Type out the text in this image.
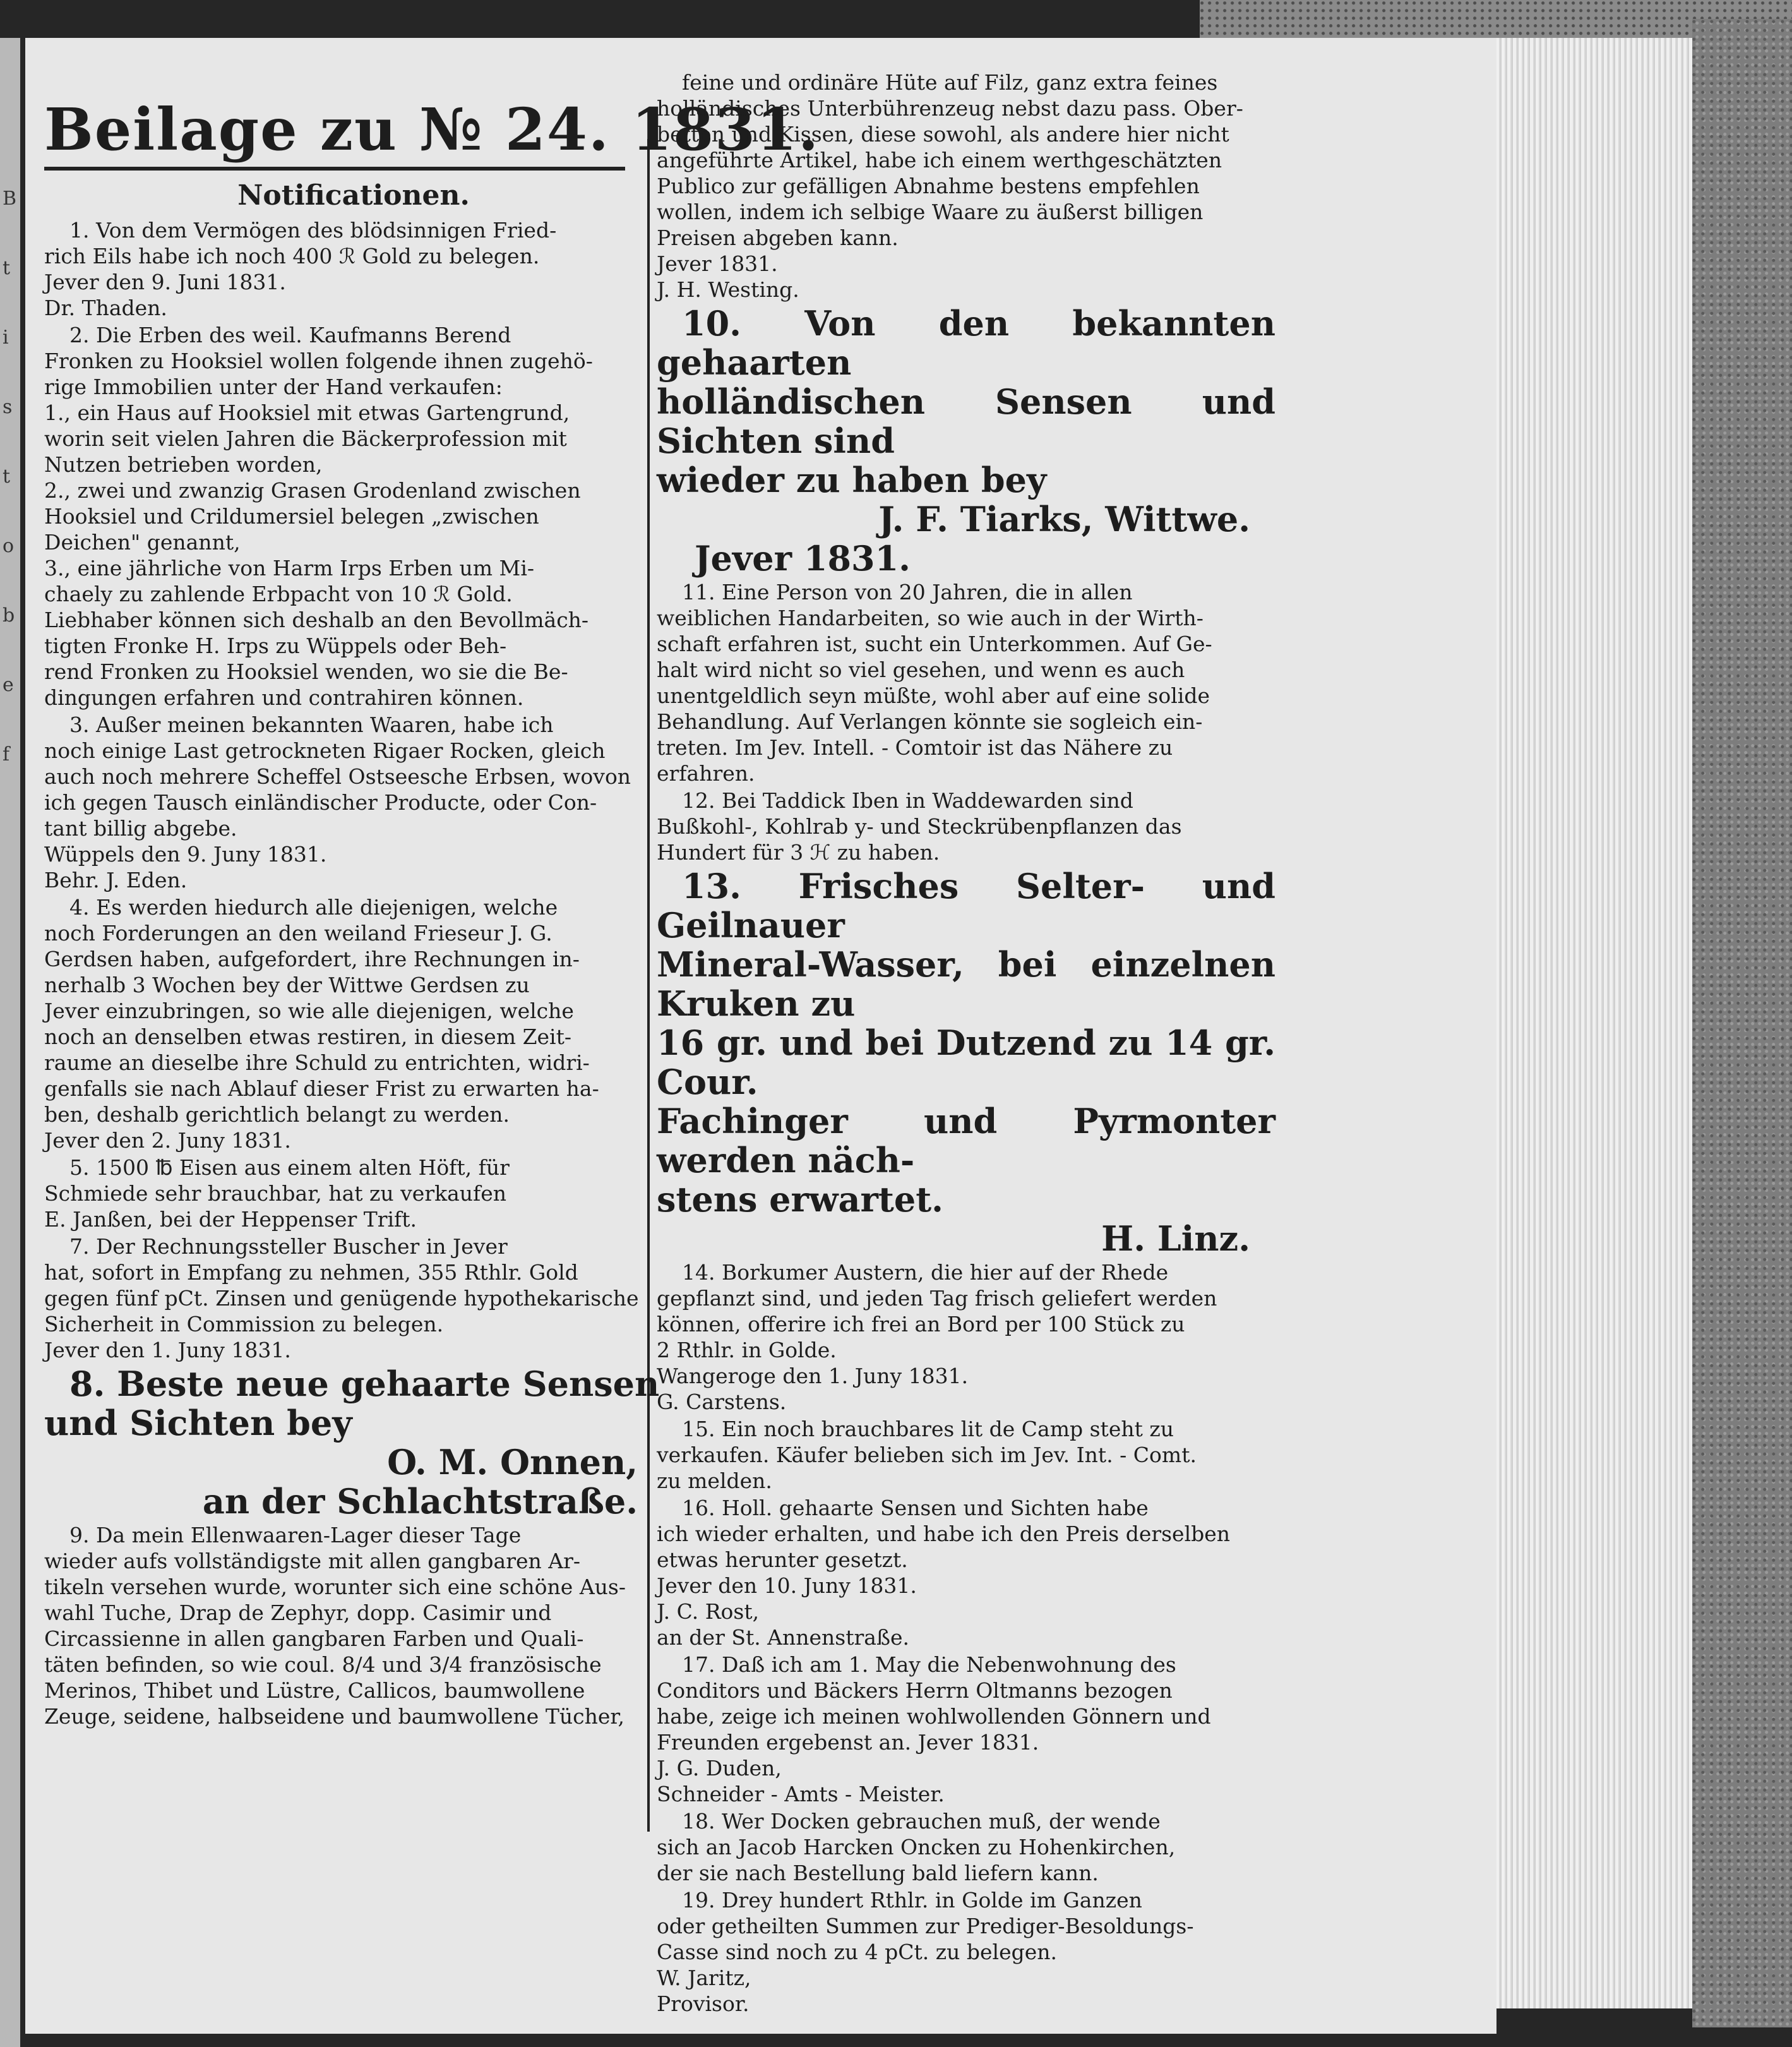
Bt is to b e f
Beilage zu № 24. 1831.
Notificationen.
1. Von dem Vermögen des blödsinnigen Fried-
rich Eils habe ich noch 400 ℛ Gold zu belegen.
Jever den 9. Juni 1831.
Dr. Thaden.
2. Die Erben des weil. Kaufmanns Berend
Fronken zu Hooksiel wollen folgende ihnen zugehö-
rige Immobilien unter der Hand verkaufen:
1., ein Haus auf Hooksiel mit etwas Gartengrund,
worin seit vielen Jahren die Bäckerprofession mit
Nutzen betrieben worden,
2., zwei und zwanzig Grasen Grodenland zwischen
Hooksiel und Crildumersiel belegen „zwischen
Deichen" genannt,
3., eine jährliche von Harm Irps Erben um Mi-
chaely zu zahlende Erbpacht von 10 ℛ Gold.
Liebhaber können sich deshalb an den Bevollmäch-
tigten Fronke H. Irps zu Wüppels oder Beh-
rend Fronken zu Hooksiel wenden, wo sie die Be-
dingungen erfahren und contrahiren können.
3. Außer meinen bekannten Waaren, habe ich
noch einige Last getrockneten Rigaer Rocken, gleich
auch noch mehrere Scheffel Ostseesche Erbsen, wovon
ich gegen Tausch einländischer Producte, oder Con-
tant billig abgebe.
Wüppels den 9. Juny 1831.
Behr. J. Eden.
4. Es werden hiedurch alle diejenigen, welche
noch Forderungen an den weiland Frieseur J. G.
Gerdsen haben, aufgefordert, ihre Rechnungen in-
nerhalb 3 Wochen bey der Wittwe Gerdsen zu
Jever einzubringen, so wie alle diejenigen, welche
noch an denselben etwas restiren, in diesem Zeit-
raume an dieselbe ihre Schuld zu entrichten, widri-
genfalls sie nach Ablauf dieser Frist zu erwarten ha-
ben, deshalb gerichtlich belangt zu werden.
Jever den 2. Juny 1831.
5. 1500 ℔ Eisen aus einem alten Höft, für
Schmiede sehr brauchbar, hat zu verkaufen
E. Janßen, bei der Heppenser Trift.
7. Der Rechnungssteller Buscher in Jever
hat, sofort in Empfang zu nehmen, 355 Rthlr. Gold
gegen fünf pCt. Zinsen und genügende hypothekarische
Sicherheit in Commission zu belegen.
Jever den 1. Juny 1831.
8. Beste neue gehaarte Sensen
und Sichten bey
O. M. Onnen,
an der Schlachtstraße.
9. Da mein Ellenwaaren-Lager dieser Tage
wieder aufs vollständigste mit allen gangbaren Ar-
tikeln versehen wurde, worunter sich eine schöne Aus-
wahl Tuche, Drap de Zephyr, dopp. Casimir und
Circassienne in allen gangbaren Farben und Quali-
täten befinden, so wie coul. 8/4 und 3/4 französische
Merinos, Thibet und Lüstre, Callicos, baumwollene
Zeuge, seidene, halbseidene und baumwollene Tücher,
feine und ordinäre Hüte auf Filz, ganz extra feines
holländisches Unterbührenzeug nebst dazu pass. Ober-
betten und Kissen, diese sowohl, als andere hier nicht
angeführte Artikel, habe ich einem werthgeschätzten
Publico zur gefälligen Abnahme bestens empfehlen
wollen, indem ich selbige Waare zu äußerst billigen
Preisen abgeben kann.
Jever 1831.
J. H. Westing.
10. Von den bekannten gehaarten
holländischen Sensen und Sichten sind
wieder zu haben bey
J. F. Tiarks, Wittwe.
Jever 1831.
11. Eine Person von 20 Jahren, die in allen
weiblichen Handarbeiten, so wie auch in der Wirth-
schaft erfahren ist, sucht ein Unterkommen. Auf Ge-
halt wird nicht so viel gesehen, und wenn es auch
unentgeldlich seyn müßte, wohl aber auf eine solide
Behandlung. Auf Verlangen könnte sie sogleich ein-
treten. Im Jev. Intell. - Comtoir ist das Nähere zu
erfahren.
12. Bei Taddick Iben in Waddewarden sind
Bußkohl-, Kohlrab y- und Steckrübenpflanzen das
Hundert für 3 ℋ zu haben.
13. Frisches Selter- und Geilnauer
Mineral-Wasser, bei einzelnen Kruken zu
16 gr. und bei Dutzend zu 14 gr. Cour.
Fachinger und Pyrmonter werden näch-
stens erwartet.
H. Linz.
14. Borkumer Austern, die hier auf der Rhede
gepflanzt sind, und jeden Tag frisch geliefert werden
können, offerire ich frei an Bord per 100 Stück zu
2 Rthlr. in Golde.
Wangeroge den 1. Juny 1831.
G. Carstens.
15. Ein noch brauchbares lit de Camp steht zu
verkaufen. Käufer belieben sich im Jev. Int. - Comt.
zu melden.
16. Holl. gehaarte Sensen und Sichten habe
ich wieder erhalten, und habe ich den Preis derselben
etwas herunter gesetzt.
Jever den 10. Juny 1831.
J. C. Rost,
an der St. Annenstraße.
17. Daß ich am 1. May die Nebenwohnung des
Conditors und Bäckers Herrn Oltmanns bezogen
habe, zeige ich meinen wohlwollenden Gönnern und
Freunden ergebenst an. Jever 1831.
J. G. Duden,
Schneider - Amts - Meister.
18. Wer Docken gebrauchen muß, der wende
sich an Jacob Harcken Oncken zu Hohenkirchen,
der sie nach Bestellung bald liefern kann.
19. Drey hundert Rthlr. in Golde im Ganzen
oder getheilten Summen zur Prediger-Besoldungs-
Casse sind noch zu 4 pCt. zu belegen.
W. Jaritz,
Provisor.
